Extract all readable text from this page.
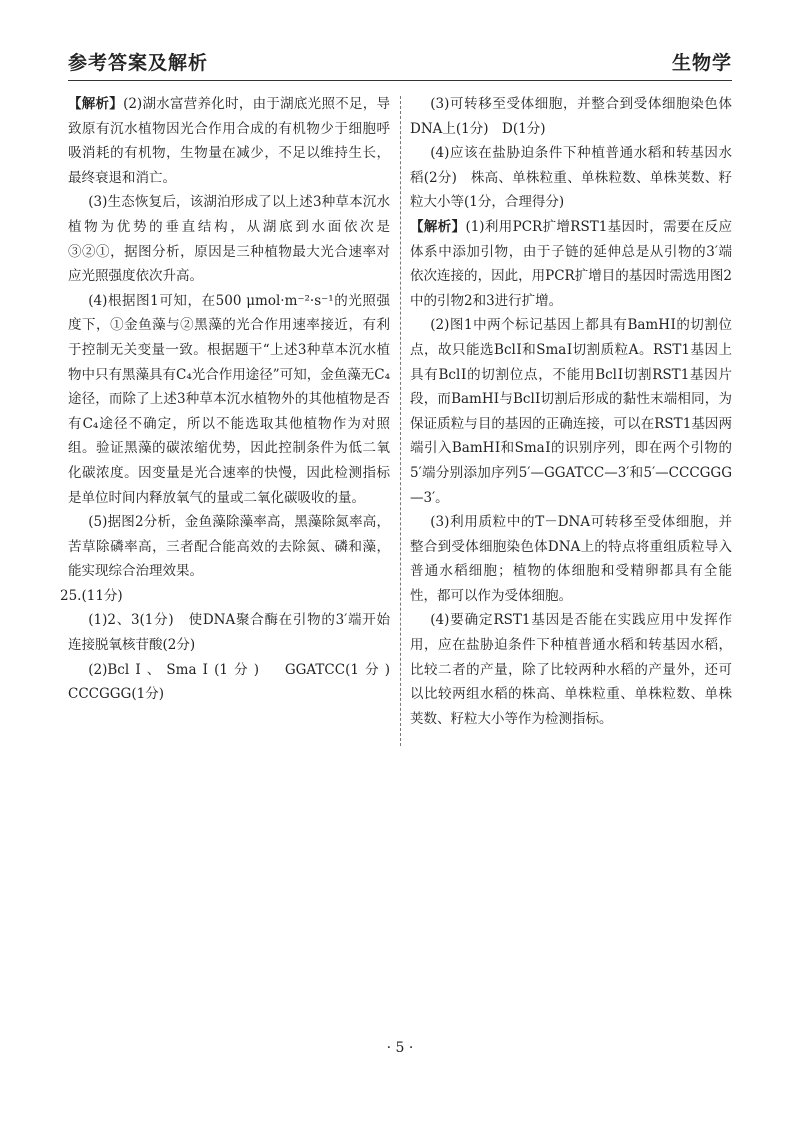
参考答案及解析	生物学

【解析】(2)湖水富营养化时，由于湖底光照不足，导致原有沉水植物因光合作用合成的有机物少于细胞呼吸消耗的有机物，生物量在减少，不足以维持生长，最终衰退和消亡。

(3)生态恢复后，该湖泊形成了以上述3种草本沉水植物为优势的垂直结构，从湖底到水面依次是③②①，据图分析，原因是三种植物最大光合速率对应光照强度依次升高。

(4)根据图1可知，在500 μmol·m⁻²·s⁻¹的光照强度下，①金鱼藻与②黑藻的光合作用速率接近，有利于控制无关变量一致。根据题干“上述3种草本沉水植物中只有黑藻具有C₄光合作用途径”可知，金鱼藻无C₄途径，而除了上述3种草本沉水植物外的其他植物是否有C₄途径不确定，所以不能选取其他植物作为对照组。验证黑藻的碳浓缩优势，因此控制条件为低二氧化碳浓度。因变量是光合速率的快慢，因此检测指标是单位时间内释放氧气的量或二氧化碳吸收的量。

(5)据图2分析，金鱼藻除藻率高，黑藻除氮率高，苦草除磷率高，三者配合能高效的去除氮、磷和藻，能实现综合治理效果。

25.(11分)

(1)2、3(1分)　使DNA聚合酶在引物的3′端开始连接脱氧核苷酸(2分)

(2)BclⅠ、SmaⅠ(1分)　GGATCC(1分)　CCCGGG(1分)

(3)可转移至受体细胞，并整合到受体细胞染色体DNA上(1分)　D(1分)

(4)应该在盐胁迫条件下种植普通水稻和转基因水稻(2分)　株高、单株粒重、单株粒数、单株荚数、籽粒大小等(1分，合理得分)

【解析】(1)利用PCR扩增RST1基因时，需要在反应体系中添加引物，由于子链的延伸总是从引物的3′端依次连接的，因此，用PCR扩增目的基因时需选用图2中的引物2和3进行扩增。

(2)图1中两个标记基因上都具有BamHⅠ的切割位点，故只能选BclⅠ和SmaⅠ切割质粒A。RST1基因上具有BclⅠ的切割位点，不能用BclⅠ切割RST1基因片段，而BamHⅠ与BclⅠ切割后形成的黏性末端相同，为保证质粒与目的基因的正确连接，可以在RST1基因两端引入BamHⅠ和SmaⅠ的识别序列，即在两个引物的5′端分别添加序列5′—GGATCC—3′和5′—CCCGGG—3′。

(3)利用质粒中的T－DNA可转移至受体细胞，并整合到受体细胞染色体DNA上的特点将重组质粒导入普通水稻细胞；植物的体细胞和受精卵都具有全能性，都可以作为受体细胞。

(4)要确定RST1基因是否能在实践应用中发挥作用，应在盐胁迫条件下种植普通水稻和转基因水稻，比较二者的产量，除了比较两种水稻的产量外，还可以比较两组水稻的株高、单株粒重、单株粒数、单株荚数、籽粒大小等作为检测指标。

· 5 ·
